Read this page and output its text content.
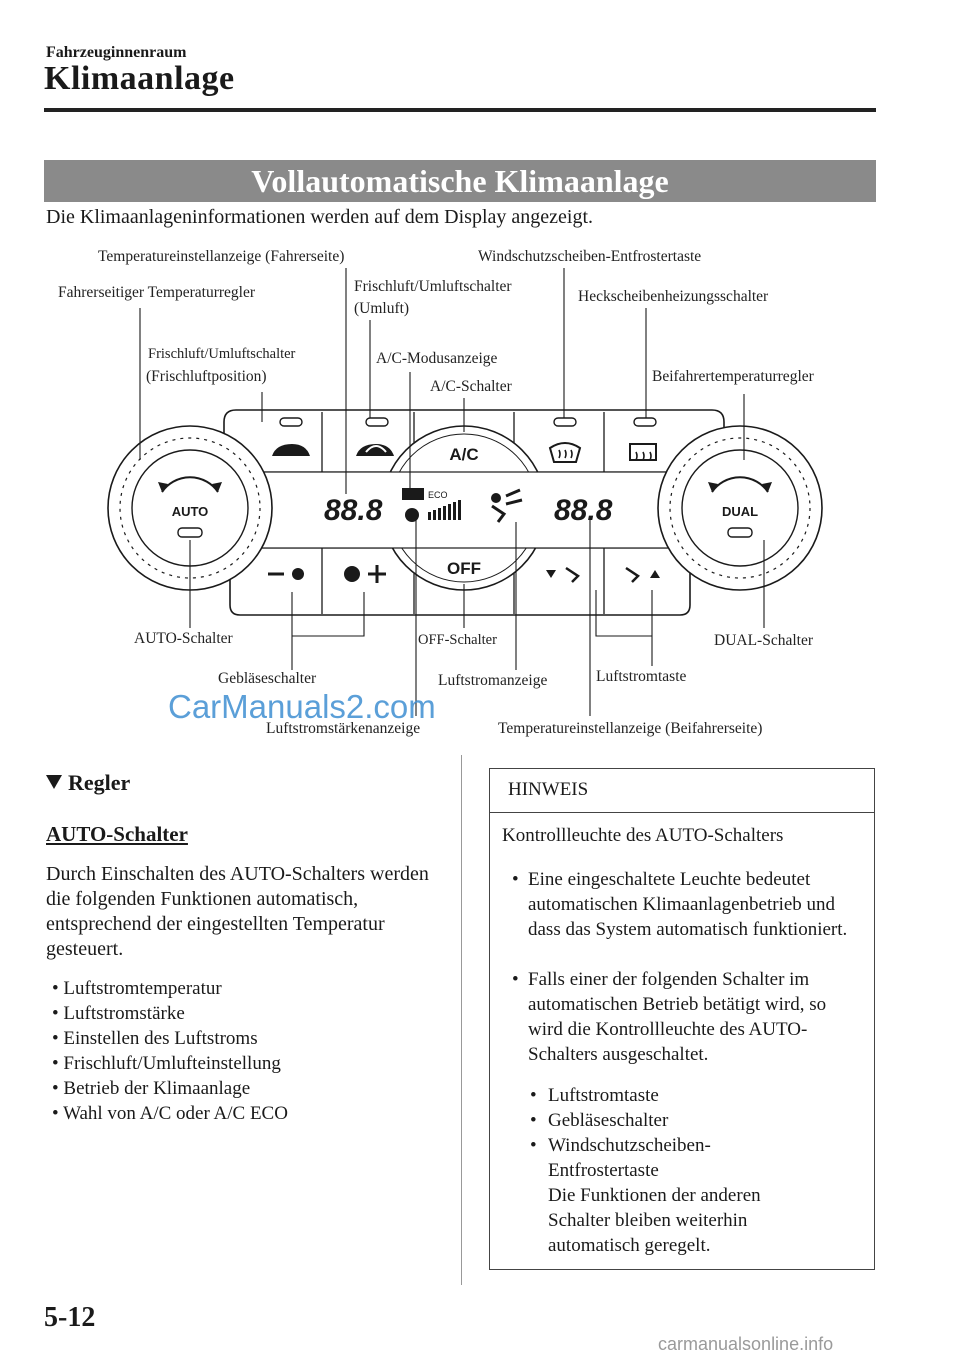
Fahrzeuginnenraum
Klimaanlage
Vollautomatische Klimaanlage
Die Klimaanlageninformationen werden auf dem Display angezeigt.
AUTO	DUAL
A/C
OFF
ECO
88.8	88.8
Temperatureinstellanzeige (Fahrerseite)	Windschutzscheiben-Entfrostertaste
Fahrerseitiger Temperaturregler	Frischluft/Umluftschalter
(Umluft)
Heckscheibenheizungsschalter
Frischluft/Umluftschalter
(Frischluftposition)
A/C-Modusanzeige
A/C-Schalter
Beifahrertemperaturregler
AUTO-Schalter	OFF-Schalter	DUAL-Schalter
Gebläseschalter	Luftstromanzeige	Luftstromtaste
Luftstromstärkenanzeige	Temperatureinstellanzeige (Beifahrerseite)
CarManuals2.com
Regler
AUTO-Schalter
Durch Einschalten des AUTO-Schalters werden die folgenden Funktionen automatisch, entsprechend der eingestellten Temperatur gesteuert.
• Luftstromtemperatur
• Luftstromstärke
• Einstellen des Luftstroms
• Frischluft/Umlufteinstellung
• Betrieb der Klimaanlage
• Wahl von A/C oder A/C ECO
HINWEIS
Kontrollleuchte des AUTO-Schalters
• Eine eingeschaltete Leuchte bedeutet automatischen Klimaanlagenbetrieb und dass das System automatisch funktioniert.
• Falls einer der folgenden Schalter im automatischen Betrieb betätigt wird, so wird die Kontrollleuchte des AUTO-Schalters ausgeschaltet.
• Luftstromtaste
• Gebläseschalter
• Windschutzscheiben-Entfrostertaste
Die Funktionen der anderen Schalter bleiben weiterhin automatisch geregelt.
5-12
carmanualsonline.info
